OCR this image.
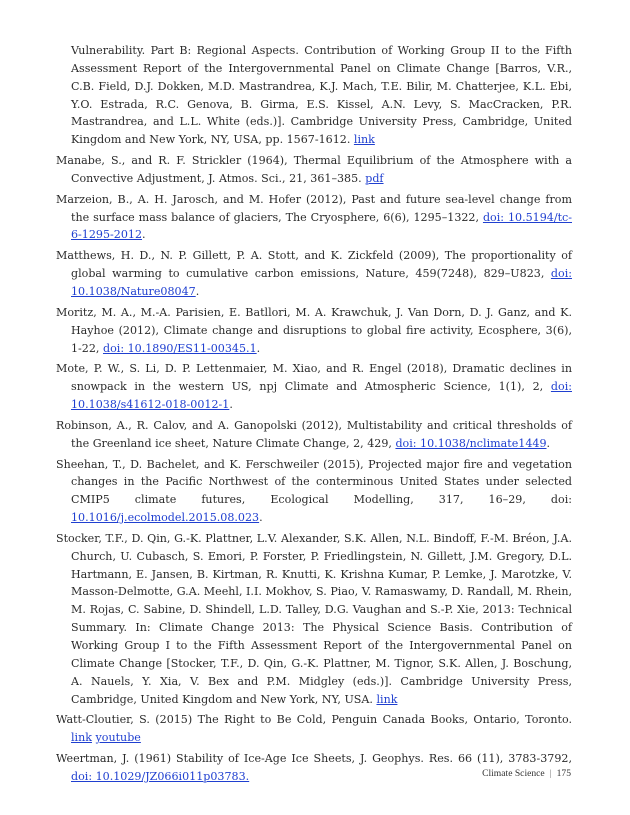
Vulnerability. Part B: Regional Aspects. Contribution of Working Group II to the Fifth Assessment Report of the Intergovernmental Panel on Climate Change [Barros, V.R., C.B. Field, D.J. Dokken, M.D. Mastrandrea, K.J. Mach, T.E. Bilir, M. Chatterjee, K.L. Ebi, Y.O. Estrada, R.C. Genova, B. Girma, E.S. Kissel, A.N. Levy, S. MacCracken, P.R. Mastrandrea, and L.L. White (eds.)]. Cambridge University Press, Cambridge, United Kingdom and New York, NY, USA, pp. 1567-1612. link

Manabe, S., and R. F. Strickler (1964), Thermal Equilibrium of the Atmosphere with a Convective Adjustment, J. Atmos. Sci., 21, 361–385. pdf

Marzeion, B., A. H. Jarosch, and M. Hofer (2012), Past and future sea-level change from the surface mass balance of glaciers, The Cryosphere, 6(6), 1295–1322, doi: 10.5194/tc-6-1295-2012.

Matthews, H. D., N. P. Gillett, P. A. Stott, and K. Zickfeld (2009), The proportionality of global warming to cumulative carbon emissions, Nature, 459(7248), 829–U823, doi: 10.1038/Nature08047.

Moritz, M. A., M.-A. Parisien, E. Batllori, M. A. Krawchuk, J. Van Dorn, D. J. Ganz, and K. Hayhoe (2012), Climate change and disruptions to global fire activity, Ecosphere, 3(6), 1-22, doi: 10.1890/ES11-00345.1.

Mote, P. W., S. Li, D. P. Lettenmaier, M. Xiao, and R. Engel (2018), Dramatic declines in snowpack in the western US, npj Climate and Atmospheric Science, 1(1), 2, doi: 10.1038/s41612-018-0012-1.

Robinson, A., R. Calov, and A. Ganopolski (2012), Multistability and critical thresholds of the Greenland ice sheet, Nature Climate Change, 2, 429, doi: 10.1038/nclimate1449.

Sheehan, T., D. Bachelet, and K. Ferschweiler (2015), Projected major fire and vegetation changes in the Pacific Northwest of the conterminous United States under selected CMIP5 climate futures, Ecological Modelling, 317, 16–29, doi: 10.1016/j.ecolmodel.2015.08.023.

Stocker, T.F., D. Qin, G.-K. Plattner, L.V. Alexander, S.K. Allen, N.L. Bindoff, F.-M. Bréon, J.A. Church, U. Cubasch, S. Emori, P. Forster, P. Friedlingstein, N. Gillett, J.M. Gregory, D.L. Hartmann, E. Jansen, B. Kirtman, R. Knutti, K. Krishna Kumar, P. Lemke, J. Marotzke, V. Masson-Delmotte, G.A. Meehl, I.I. Mokhov, S. Piao, V. Ramaswamy, D. Randall, M. Rhein, M. Rojas, C. Sabine, D. Shindell, L.D. Talley, D.G. Vaughan and S.-P. Xie, 2013: Technical Summary. In: Climate Change 2013: The Physical Science Basis. Contribution of Working Group I to the Fifth Assessment Report of the Intergovernmental Panel on Climate Change [Stocker, T.F., D. Qin, G.-K. Plattner, M. Tignor, S.K. Allen, J. Boschung, A. Nauels, Y. Xia, V. Bex and P.M. Midgley (eds.)]. Cambridge University Press, Cambridge, United Kingdom and New York, NY, USA. link

Watt-Cloutier, S. (2015) The Right to Be Cold, Penguin Canada Books, Ontario, Toronto. link youtube

Weertman, J. (1961) Stability of Ice-Age Ice Sheets, J. Geophys. Res. 66 (11), 3783-3792, doi: 10.1029/JZ066i011p03783.	Climate Science | 175
